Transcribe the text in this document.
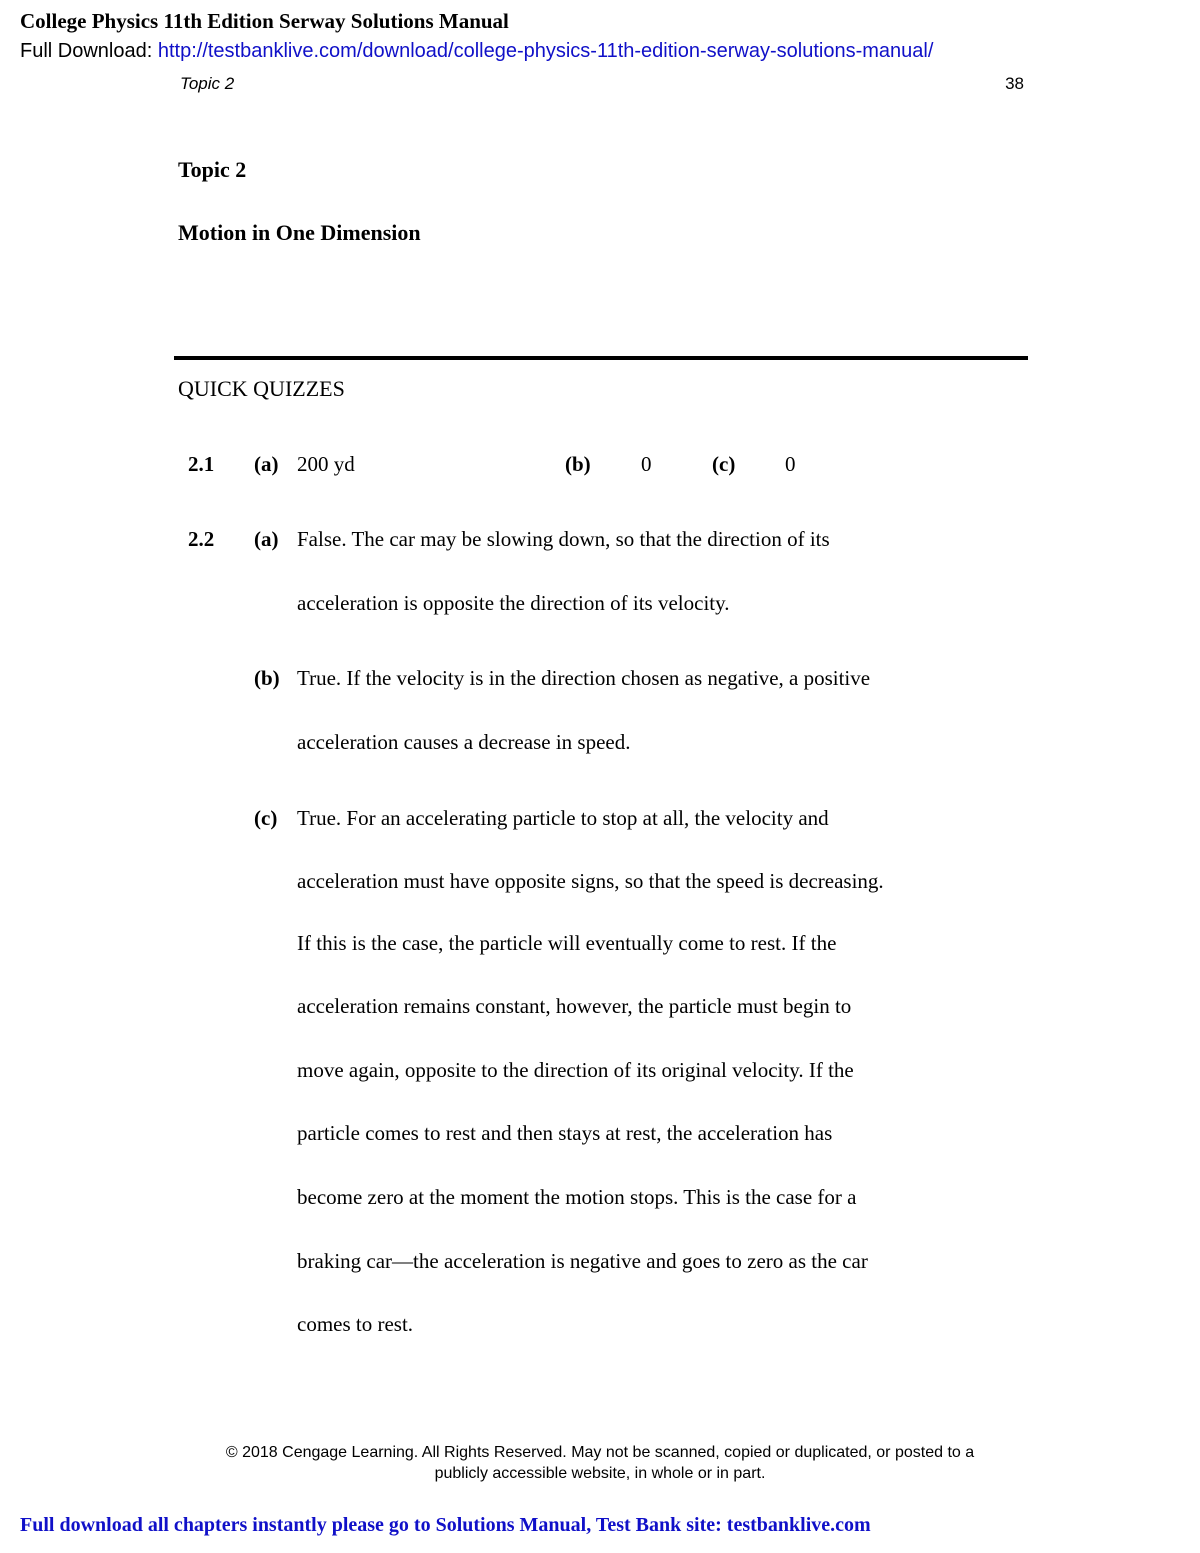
College Physics 11th Edition Serway Solutions Manual
Full Download: http://testbanklive.com/download/college-physics-11th-edition-serway-solutions-manual/
Topic 2	38
Topic 2
Motion in One Dimension
QUICK QUIZZES
2.1 (a) 200 yd	(b) 0	(c) 0
2.2 (a) False. The car may be slowing down, so that the direction of its
acceleration is opposite the direction of its velocity.
(b) True. If the velocity is in the direction chosen as negative, a positive
acceleration causes a decrease in speed.
(c) True. For an accelerating particle to stop at all, the velocity and
acceleration must have opposite signs, so that the speed is decreasing.
If this is the case, the particle will eventually come to rest. If the
acceleration remains constant, however, the particle must begin to
move again, opposite to the direction of its original velocity. If the
particle comes to rest and then stays at rest, the acceleration has
become zero at the moment the motion stops. This is the case for a
braking car—the acceleration is negative and goes to zero as the car
comes to rest.
© 2018 Cengage Learning. All Rights Reserved. May not be scanned, copied or duplicated, or posted to a
publicly accessible website, in whole or in part.
Full download all chapters instantly please go to Solutions Manual, Test Bank site: testbanklive.com
